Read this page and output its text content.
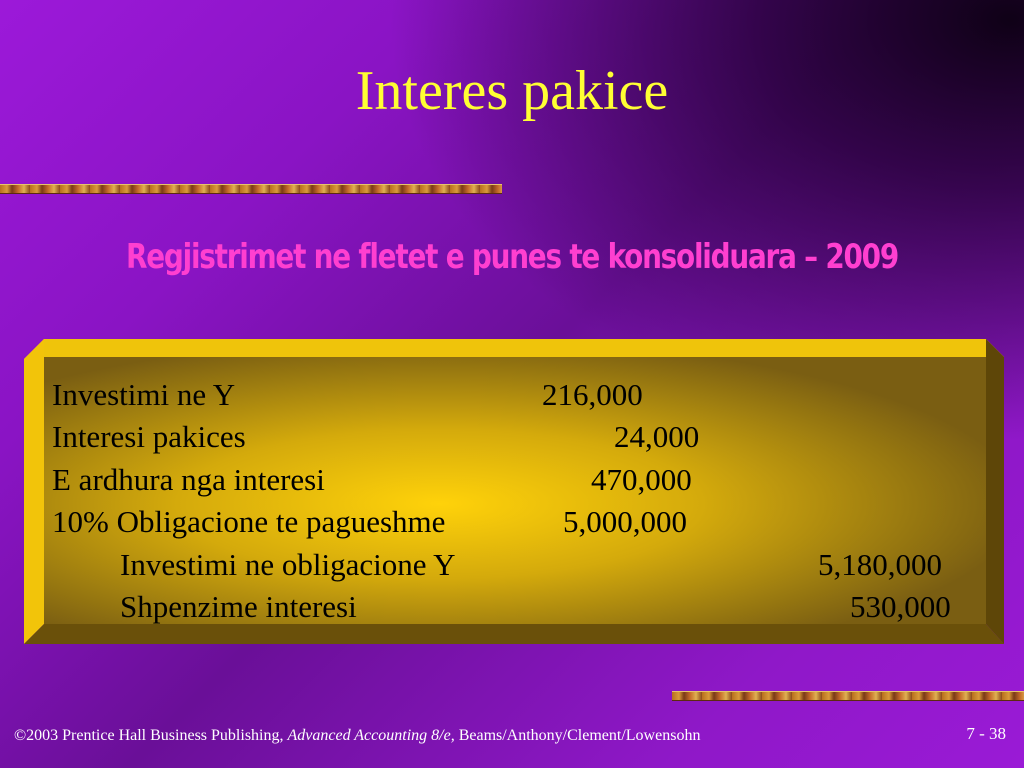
Interes pakice
Regjistrimet ne fletet e punes te konsoliduara – 2009
Investimi ne Y	216,000
Interesi pakices	24,000
E ardhura nga interesi	470,000
10% Obligacione te pagueshme	5,000,000
Investimi ne obligacione Y	5,180,000
Shpenzime interesi	530,000
©2003 Prentice Hall Business Publishing, Advanced Accounting 8/e, Beams/Anthony/Clement/Lowensohn	7 - 38
